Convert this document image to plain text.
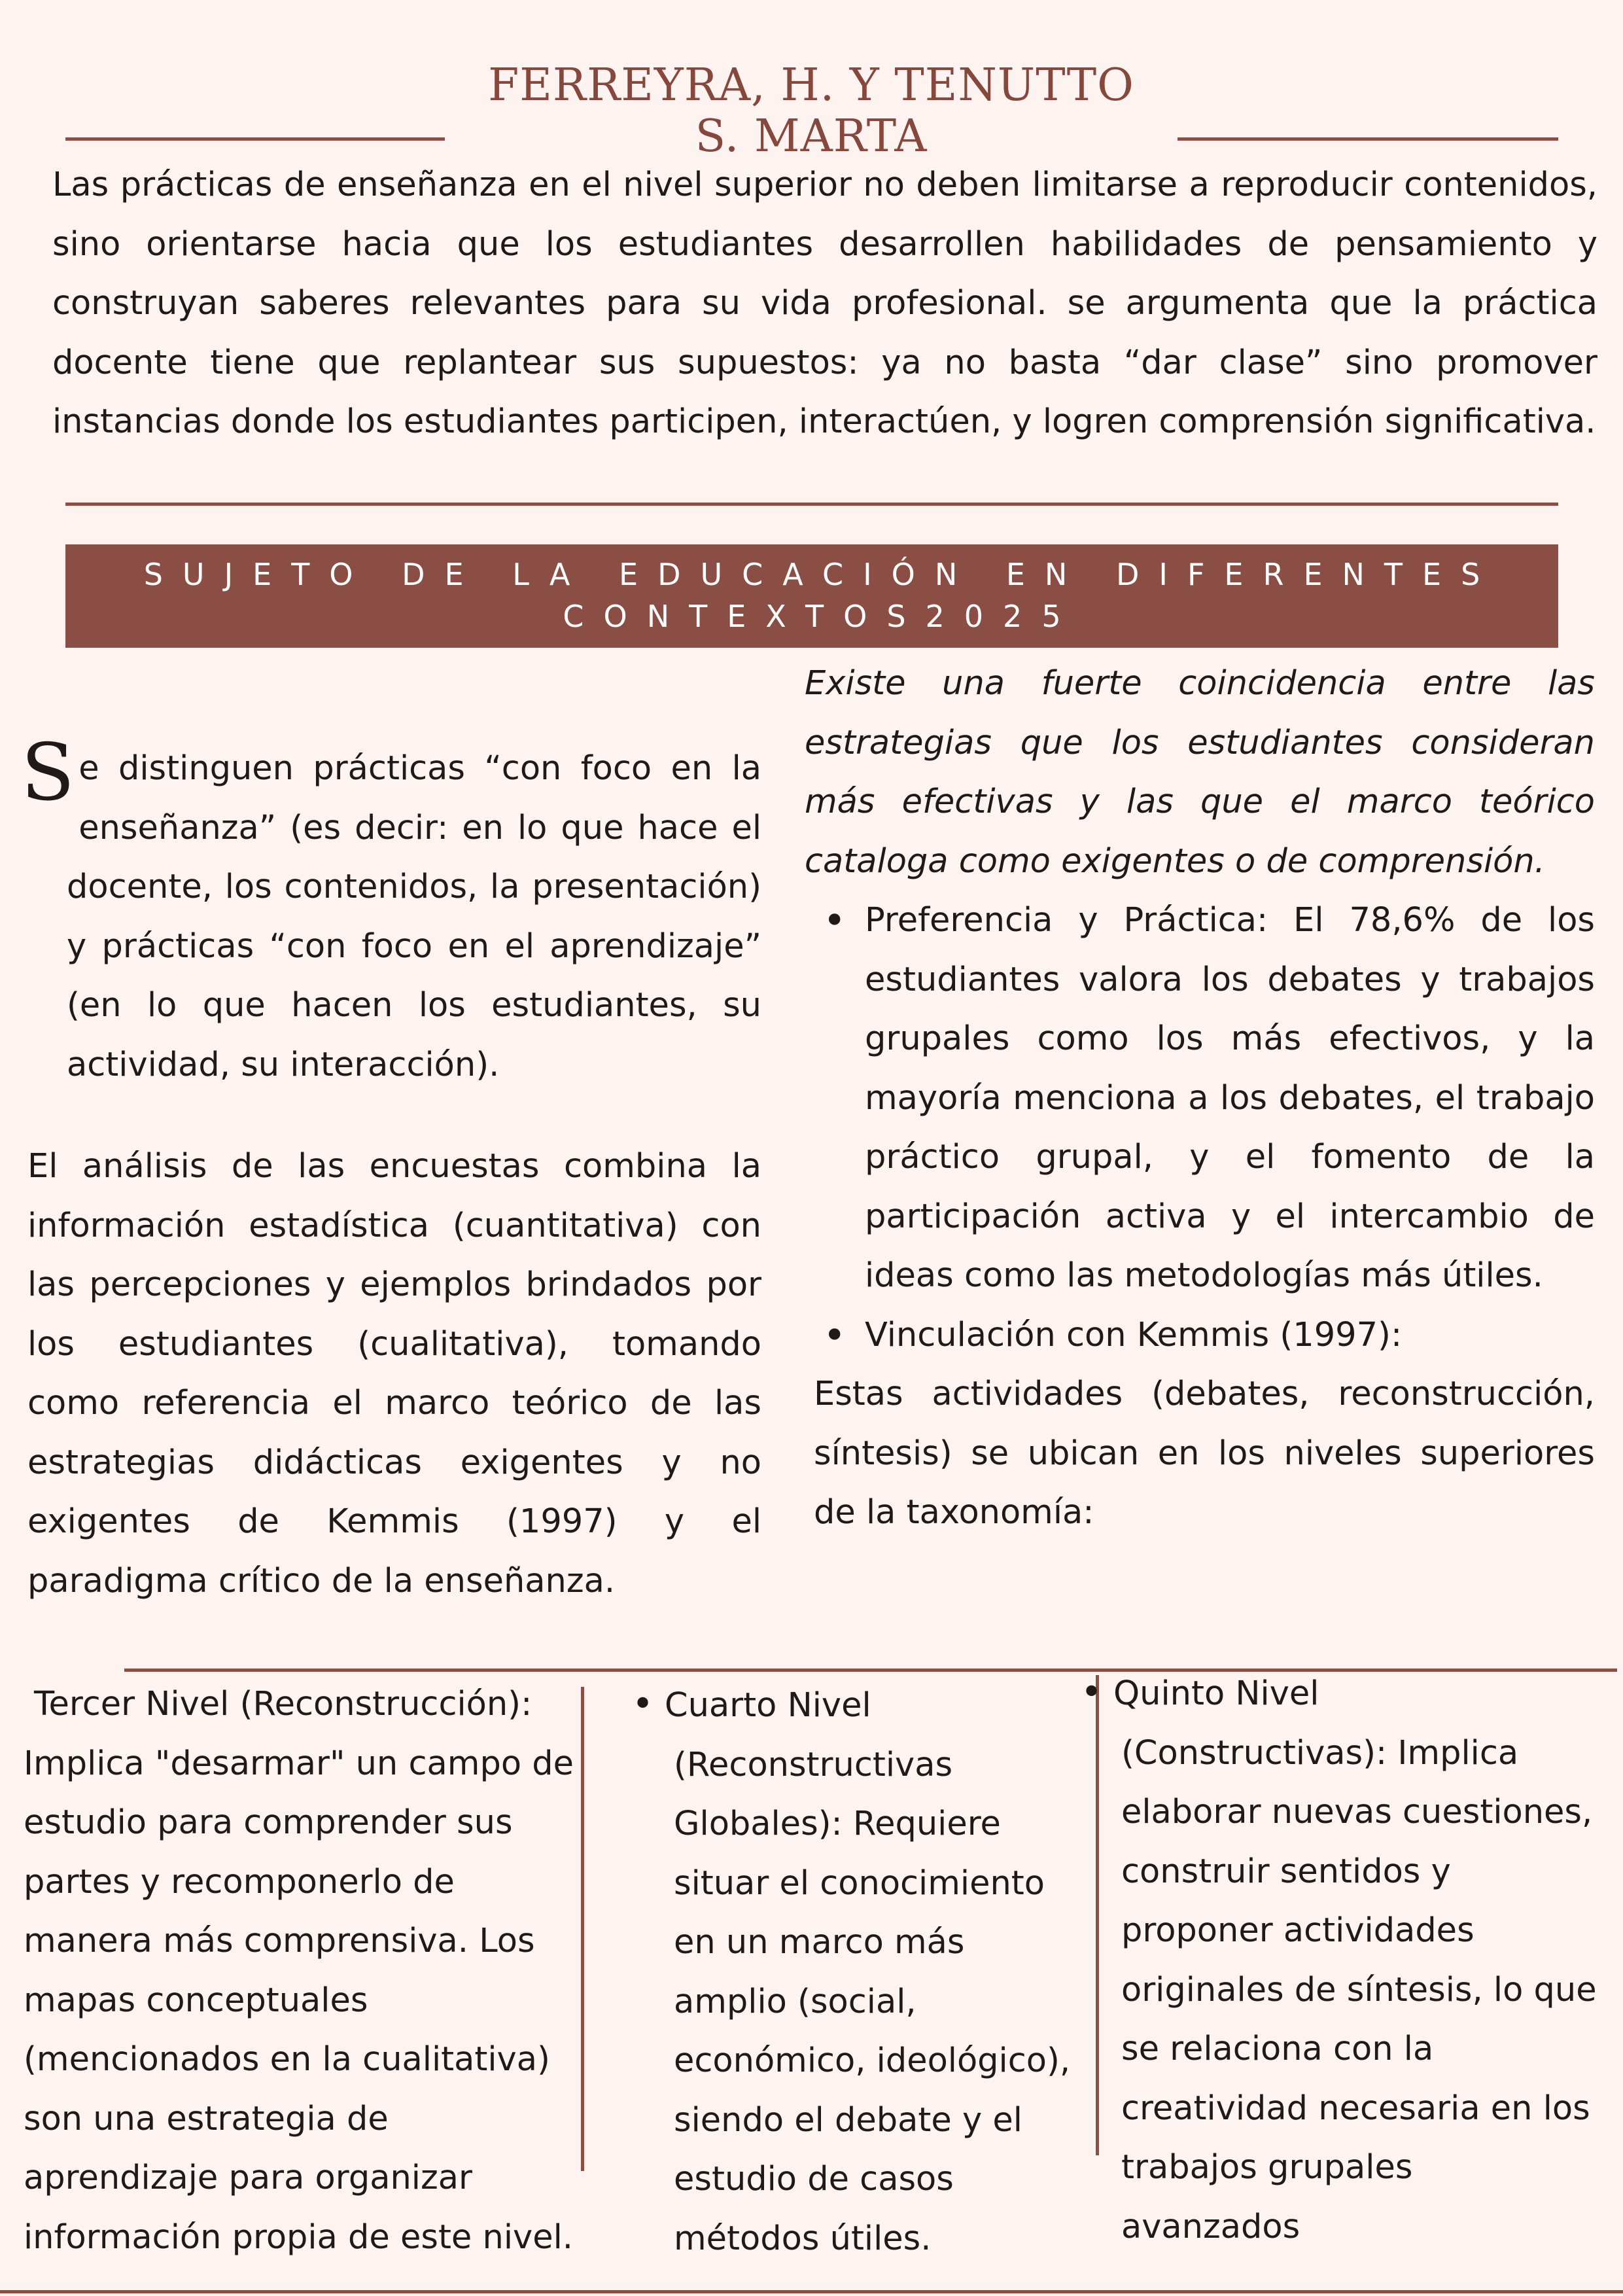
FERREYRA, H. Y TENUTTO
S. MARTA
Las prácticas de enseñanza en el nivel superior no deben limitarse a reproducir contenidos, sino orientarse hacia que los estudiantes desarrollen habilidades de pensamiento y construyan saberes relevantes para su vida profesional. se argumenta que la práctica docente tiene que replantear sus supuestos: ya no basta “dar clase” sino promover instancias donde los estudiantes participen, interactúen, y logren comprensión significativa.
SUJETO DE LA EDUCACIÓN EN DIFERENTES
CONTEXTOS2025
Se distinguen prácticas “con foco en la enseñanza” (es decir: en lo que hace el docente, los contenidos, la presentación) y prácticas “con foco en el aprendizaje” (en lo que hacen los estudiantes, su actividad, su interacción).
El análisis de las encuestas combina la información estadística (cuantitativa) con las percepciones y ejemplos brindados por los estudiantes (cualitativa), tomando como referencia el marco teórico de las estrategias didácticas exigentes y no exigentes de Kemmis (1997) y el paradigma crítico de la enseñanza.
Existe una fuerte coincidencia entre las estrategias que los estudiantes consideran más efectivas y las que el marco teórico cataloga como exigentes o de comprensión.
• Preferencia y Práctica: El 78,6% de los estudiantes valora los debates y trabajos grupales como los más efectivos, y la mayoría menciona a los debates, el trabajo práctico grupal, y el fomento de la participación activa y el intercambio de ideas como las metodologías más útiles.
• Vinculación con Kemmis (1997):
Estas actividades (debates, reconstrucción, síntesis) se ubican en los niveles superiores de la taxonomía:
Tercer Nivel (Reconstrucción):
Implica "desarmar" un campo de
estudio para comprender sus
partes y recomponerlo de
manera más comprensiva. Los
mapas conceptuales
(mencionados en la cualitativa)
son una estrategia de
aprendizaje para organizar
información propia de este nivel.
• Cuarto Nivel
(Reconstructivas
Globales): Requiere
situar el conocimiento
en un marco más
amplio (social,
económico, ideológico),
siendo el debate y el
estudio de casos
métodos útiles.
• Quinto Nivel
(Constructivas): Implica
elaborar nuevas cuestiones,
construir sentidos y
proponer actividades
originales de síntesis, lo que
se relaciona con la
creatividad necesaria en los
trabajos grupales
avanzados
